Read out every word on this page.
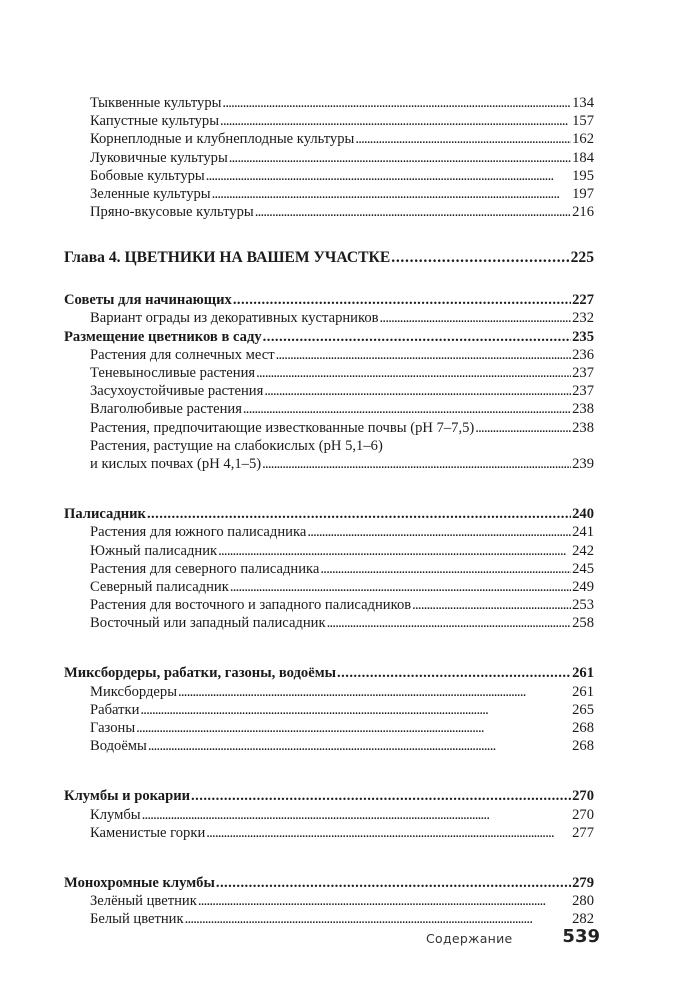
Тыквенные культуры . . .	134
Капустные культуры . . .	157
Корнеплодные и клубнеплодные культуры . . .	162
Луковичные культуры . . .	184
Бобовые культуры . . .	195
Зеленные культуры . . .	197
Пряно-вкусовые культуры . . .	216
Глава 4. ЦВЕТНИКИ НА ВАШЕМ УЧАСТКЕ . . .	225
Советы для начинающих . . .	227
Вариант ограды из декоративных кустарников . . .	232
Размещение цветников в саду . . .	235
Растения для солнечных мест . . .	236
Теневыносливые растения . . .	237
Засухоустойчивые растения . . .	237
Влаголюбивые растения . . .	238
Растения, предпочитающие известкованные почвы (pH 7–7,5) . . .	238
Растения, растущие на слабокислых (pH 5,1–6)
и кислых почвах (pH 4,1–5) . . .	239
Палисадник . . .	240
Растения для южного палисадника . . .	241
Южный палисадник . . .	242
Растения для северного палисадника . . .	245
Северный палисадник . . .	249
Растения для восточного и западного палисадников . . .	253
Восточный или западный палисадник . . .	258
Миксбордеры, рабатки, газоны, водоёмы . . .	261
Миксбордеры . . .	261
Рабатки . . .	265
Газоны . . .	268
Водоёмы . . .	268
Клумбы и рокарии . . .	270
Клумбы . . .	270
Каменистые горки . . .	277
Монохромные клумбы . . .	279
Зелёный цветник . . .	280
Белый цветник . . .	282
Содержание	539
